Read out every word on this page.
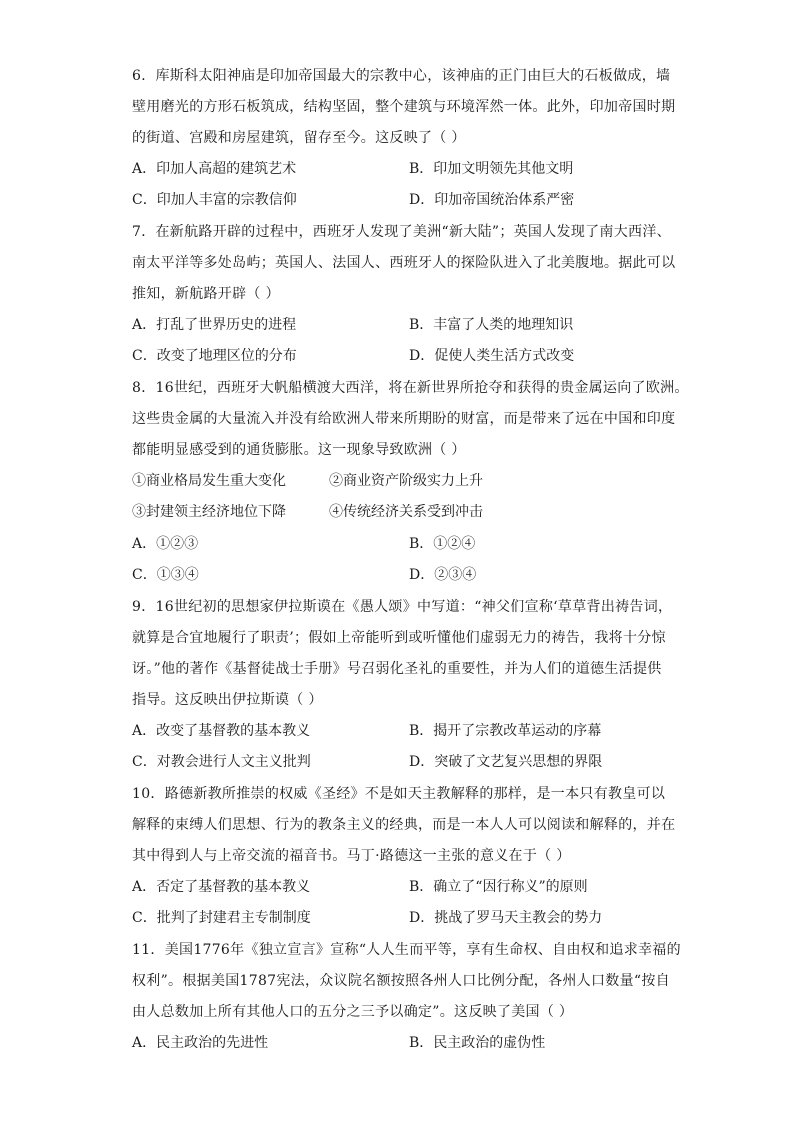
6．库斯科太阳神庙是印加帝国最大的宗教中心，该神庙的正门由巨大的石板做成，墙

壁用磨光的方形石板筑成，结构坚固，整个建筑与环境浑然一体。此外，印加帝国时期

的街道、宫殿和房屋建筑，留存至今。这反映了（ ）

A．印加人高超的建筑艺术	B．印加文明领先其他文明
C．印加人丰富的宗教信仰	D．印加帝国统治体系严密

7．在新航路开辟的过程中，西班牙人发现了美洲“新大陆”；英国人发现了南大西洋、

南太平洋等多处岛屿；英国人、法国人、西班牙人的探险队进入了北美腹地。据此可以

推知，新航路开辟（ ）

A．打乱了世界历史的进程	B．丰富了人类的地理知识
C．改变了地理区位的分布	D．促使人类生活方式改变

8．16世纪，西班牙大帆船横渡大西洋，将在新世界所抢夺和获得的贵金属运向了欧洲。

这些贵金属的大量流入并没有给欧洲人带来所期盼的财富，而是带来了远在中国和印度

都能明显感受到的通货膨胀。这一现象导致欧洲（ ）

①商业格局发生重大变化	②商业资产阶级实力上升
③封建领主经济地位下降	④传统经济关系受到冲击
A．①②③	B．①②④
C．①③④	D．②③④

9．16世纪初的思想家伊拉斯谟在《愚人颂》中写道：“神父们宣称‘草草背出祷告词，

就算是合宜地履行了职责’；假如上帝能听到或听懂他们虚弱无力的祷告，我将十分惊

讶。”他的著作《基督徒战士手册》号召弱化圣礼的重要性，并为人们的道德生活提供

指导。这反映出伊拉斯谟（ ）

A．改变了基督教的基本教义	B．揭开了宗教改革运动的序幕
C．对教会进行人文主义批判	D．突破了文艺复兴思想的界限

10．路德新教所推崇的权威《圣经》不是如天主教解释的那样，是一本只有教皇可以

解释的束缚人们思想、行为的教条主义的经典，而是一本人人可以阅读和解释的，并在

其中得到人与上帝交流的福音书。马丁·路德这一主张的意义在于（ ）

A．否定了基督教的基本教义	B．确立了“因行称义”的原则
C．批判了封建君主专制制度	D．挑战了罗马天主教会的势力

11．美国1776年《独立宣言》宣称“人人生而平等，享有生命权、自由权和追求幸福的

权利”。根据美国1787宪法，众议院名额按照各州人口比例分配，各州人口数量“按自

由人总数加上所有其他人口的五分之三予以确定”。这反映了美国（ ）

A．民主政治的先进性	B．民主政治的虚伪性
